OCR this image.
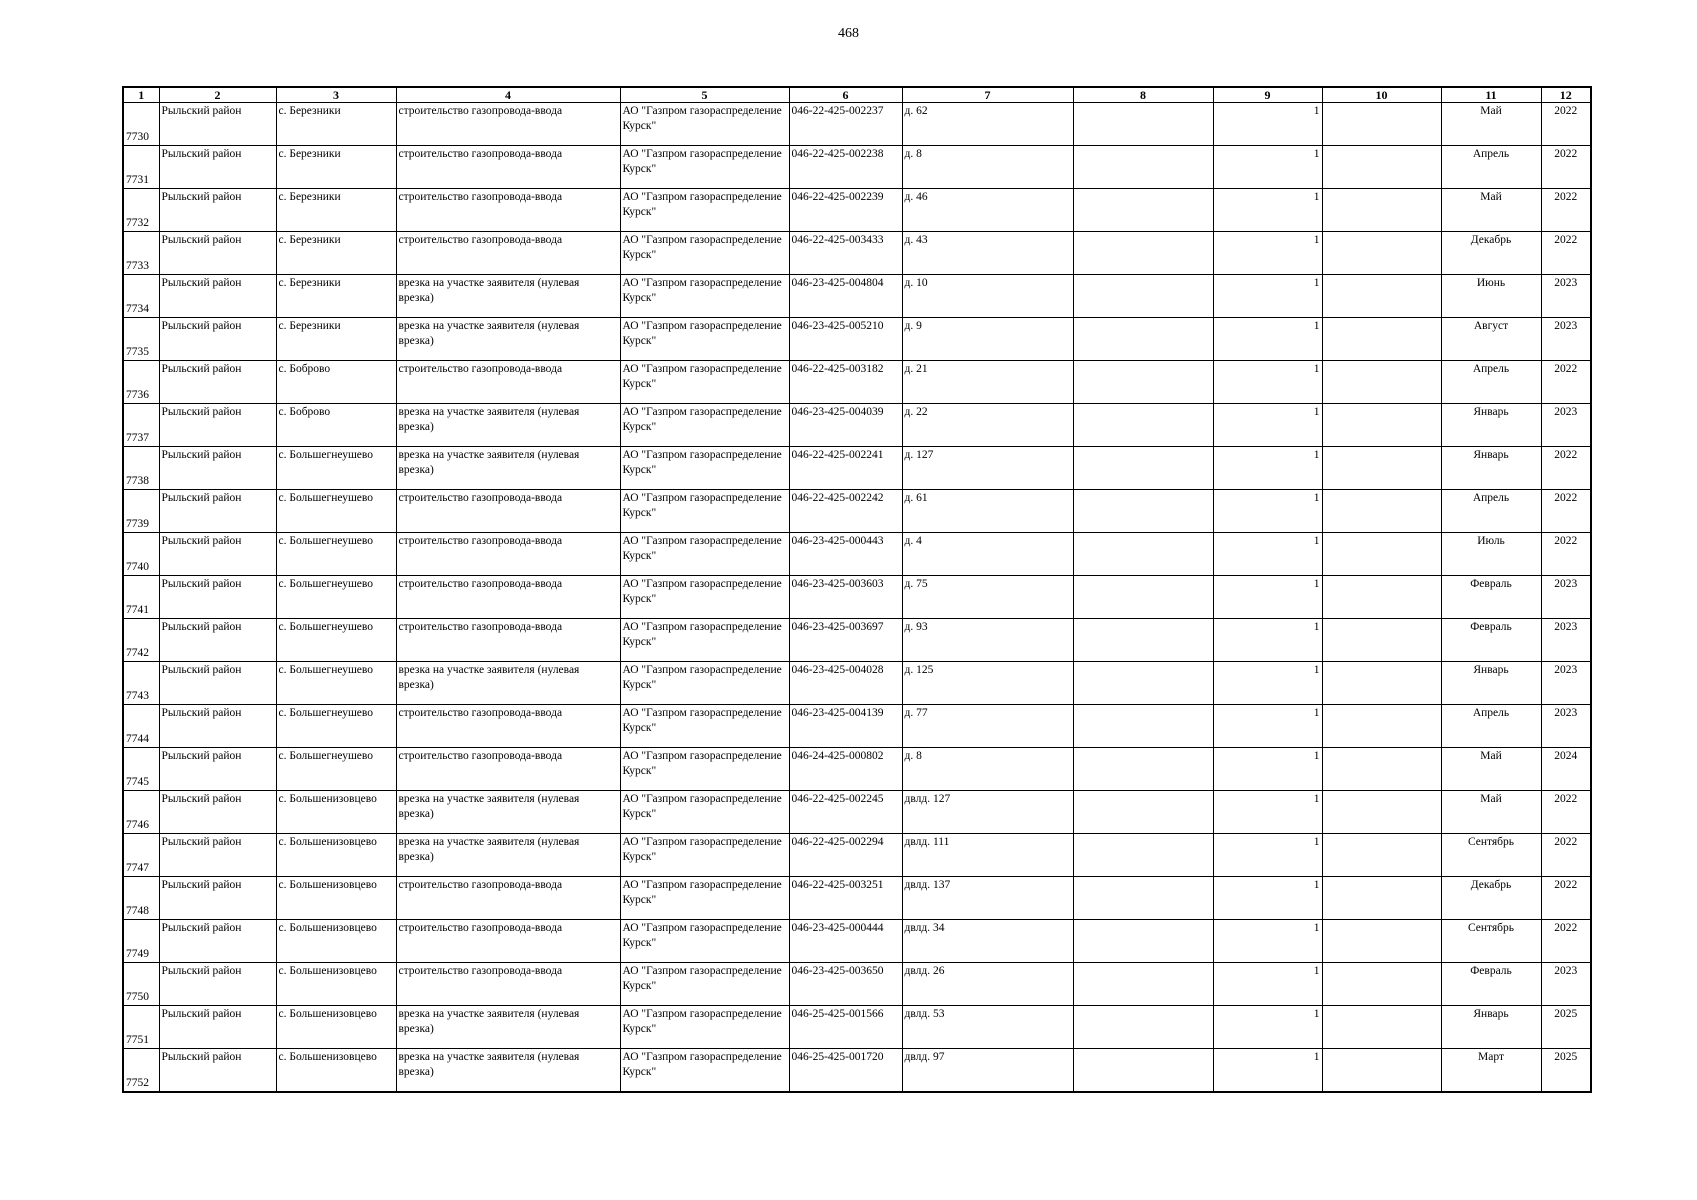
468
1	2	3	4	5	6	7	8	9	10	11	12
7730	Рыльский район	с. Березники	строительство газопровода-ввода	АО "Газпром газораспределение Курск"	046-22-425-002237	д. 62		1		Май	2022
7731	Рыльский район	с. Березники	строительство газопровода-ввода	АО "Газпром газораспределение Курск"	046-22-425-002238	д. 8		1		Апрель	2022
7732	Рыльский район	с. Березники	строительство газопровода-ввода	АО "Газпром газораспределение Курск"	046-22-425-002239	д. 46		1		Май	2022
7733	Рыльский район	с. Березники	строительство газопровода-ввода	АО "Газпром газораспределение Курск"	046-22-425-003433	д. 43		1		Декабрь	2022
7734	Рыльский район	с. Березники	врезка на участке заявителя (нулевая врезка)	АО "Газпром газораспределение Курск"	046-23-425-004804	д. 10		1		Июнь	2023
7735	Рыльский район	с. Березники	врезка на участке заявителя (нулевая врезка)	АО "Газпром газораспределение Курск"	046-23-425-005210	д. 9		1		Август	2023
7736	Рыльский район	с. Боброво	строительство газопровода-ввода	АО "Газпром газораспределение Курск"	046-22-425-003182	д. 21		1		Апрель	2022
7737	Рыльский район	с. Боброво	врезка на участке заявителя (нулевая врезка)	АО "Газпром газораспределение Курск"	046-23-425-004039	д. 22		1		Январь	2023
7738	Рыльский район	с. Большегнеушево	врезка на участке заявителя (нулевая врезка)	АО "Газпром газораспределение Курск"	046-22-425-002241	д. 127		1		Январь	2022
7739	Рыльский район	с. Большегнеушево	строительство газопровода-ввода	АО "Газпром газораспределение Курск"	046-22-425-002242	д. 61		1		Апрель	2022
7740	Рыльский район	с. Большегнеушево	строительство газопровода-ввода	АО "Газпром газораспределение Курск"	046-23-425-000443	д. 4		1		Июль	2022
7741	Рыльский район	с. Большегнеушево	строительство газопровода-ввода	АО "Газпром газораспределение Курск"	046-23-425-003603	д. 75		1		Февраль	2023
7742	Рыльский район	с. Большегнеушево	строительство газопровода-ввода	АО "Газпром газораспределение Курск"	046-23-425-003697	д. 93		1		Февраль	2023
7743	Рыльский район	с. Большегнеушево	врезка на участке заявителя (нулевая врезка)	АО "Газпром газораспределение Курск"	046-23-425-004028	д. 125		1		Январь	2023
7744	Рыльский район	с. Большегнеушево	строительство газопровода-ввода	АО "Газпром газораспределение Курск"	046-23-425-004139	д. 77		1		Апрель	2023
7745	Рыльский район	с. Большегнеушево	строительство газопровода-ввода	АО "Газпром газораспределение Курск"	046-24-425-000802	д. 8		1		Май	2024
7746	Рыльский район	с. Большенизовцево	врезка на участке заявителя (нулевая врезка)	АО "Газпром газораспределение Курск"	046-22-425-002245	двлд. 127		1		Май	2022
7747	Рыльский район	с. Большенизовцево	врезка на участке заявителя (нулевая врезка)	АО "Газпром газораспределение Курск"	046-22-425-002294	двлд. 111		1		Сентябрь	2022
7748	Рыльский район	с. Большенизовцево	строительство газопровода-ввода	АО "Газпром газораспределение Курск"	046-22-425-003251	двлд. 137		1		Декабрь	2022
7749	Рыльский район	с. Большенизовцево	строительство газопровода-ввода	АО "Газпром газораспределение Курск"	046-23-425-000444	двлд. 34		1		Сентябрь	2022
7750	Рыльский район	с. Большенизовцево	строительство газопровода-ввода	АО "Газпром газораспределение Курск"	046-23-425-003650	двлд. 26		1		Февраль	2023
7751	Рыльский район	с. Большенизовцево	врезка на участке заявителя (нулевая врезка)	АО "Газпром газораспределение Курск"	046-25-425-001566	двлд. 53		1		Январь	2025
7752	Рыльский район	с. Большенизовцево	врезка на участке заявителя (нулевая врезка)	АО "Газпром газораспределение Курск"	046-25-425-001720	двлд. 97		1		Март	2025
